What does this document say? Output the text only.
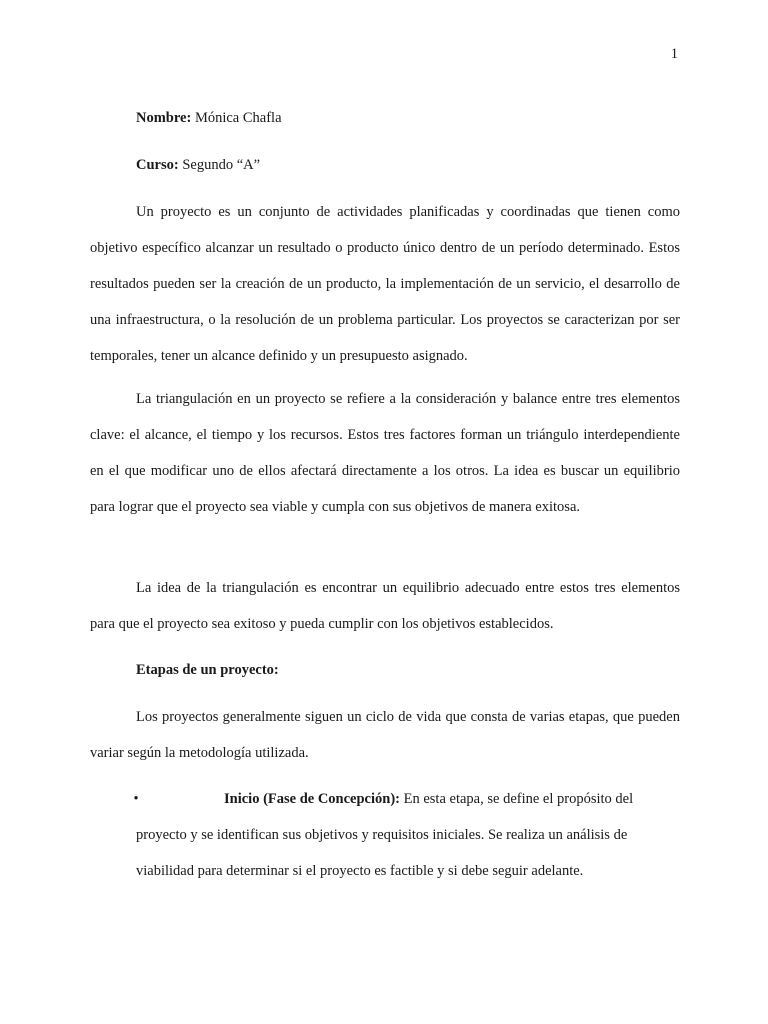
1
Nombre: Mónica Chafla
Curso: Segundo “A”

Un proyecto es un conjunto de actividades planificadas y coordinadas que tienen como objetivo específico alcanzar un resultado o producto único dentro de un período determinado. Estos resultados pueden ser la creación de un producto, la implementación de un servicio, el desarrollo de una infraestructura, o la resolución de un problema particular. Los proyectos se caracterizan por ser temporales, tener un alcance definido y un presupuesto asignado.

La triangulación en un proyecto se refiere a la consideración y balance entre tres elementos clave: el alcance, el tiempo y los recursos. Estos tres factores forman un triángulo interdependiente en el que modificar uno de ellos afectará directamente a los otros. La idea es buscar un equilibrio para lograr que el proyecto sea viable y cumpla con sus objetivos de manera exitosa.

La idea de la triangulación es encontrar un equilibrio adecuado entre estos tres elementos para que el proyecto sea exitoso y pueda cumplir con los objetivos establecidos.

Etapas de un proyecto:

Los proyectos generalmente siguen un ciclo de vida que consta de varias etapas, que pueden variar según la metodología utilizada.

•	Inicio (Fase de Concepción): En esta etapa, se define el propósito del proyecto y se identifican sus objetivos y requisitos iniciales. Se realiza un análisis de viabilidad para determinar si el proyecto es factible y si debe seguir adelante.
